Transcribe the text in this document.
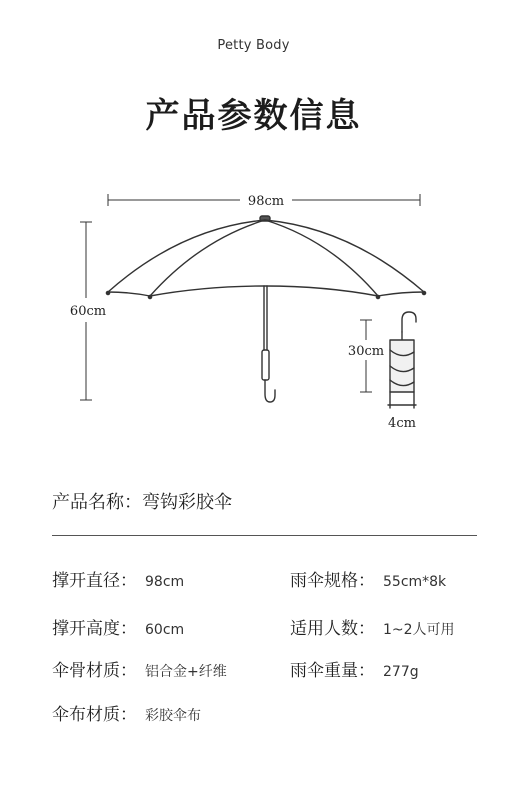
Petty Body
产品参数信息
98cm
60cm
30cm
4cm
产品名称：弯钩彩胶伞
撑开直径： 98cm	雨伞规格： 55cm*8k
撑开高度： 60cm	适用人数： 1~2人可用
伞骨材质： 铝合金+纤维	雨伞重量： 277g
伞布材质： 彩胶伞布
